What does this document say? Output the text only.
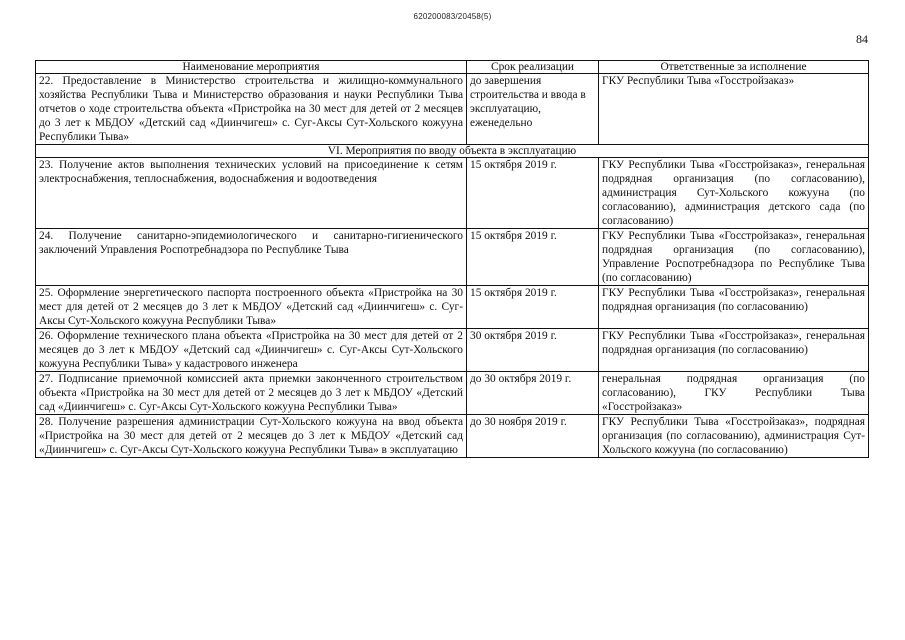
620200083/20458(5)
84
Наименование мероприятия	Срок реализации	Ответственные за исполнение
22. Предоставление в Министерство строительства и жилищно-коммунального хозяйства Республики Тыва и Министерство образования и науки Республики Тыва отчетов о ходе строительства объекта «Пристройка на 30 мест для детей от 2 месяцев до 3 лет к МБДОУ «Детский сад «Диинчигеш» с. Суг-Аксы Сут-Хольского кожууна Республики Тыва»	до завершения строительства и ввода в эксплуатацию, еженедельно	ГКУ Республики Тыва «Госстройзаказ»
VI. Мероприятия по вводу объекта в эксплуатацию		
23. Получение актов выполнения технических условий на присоединение к сетям электроснабжения, теплоснабжения, водоснабжения и водоотведения	15 октября 2019 г.	ГКУ Республики Тыва «Госстройзаказ», генеральная подрядная организация (по согласованию), администрация Сут-Хольского кожууна (по согласованию), администрация детского сада (по согласованию)
24. Получение санитарно-эпидемиологического и санитарно-гигиенического заключений Управления Роспотребнадзора по Республике Тыва	15 октября 2019 г.	ГКУ Республики Тыва «Госстройзаказ», генеральная подрядная организация (по согласованию), Управление Роспотребнадзора по Республике Тыва (по согласованию)
25. Оформление энергетического паспорта построенного объекта «Пристройка на 30 мест для детей от 2 месяцев до 3 лет к МБДОУ «Детский сад «Диинчигеш» с. Суг-Аксы Сут-Хольского кожууна Республики Тыва»	15 октября 2019 г.	ГКУ Республики Тыва «Госстройзаказ», генеральная подрядная организация (по согласованию)
26. Оформление технического плана объекта «Пристройка на 30 мест для детей от 2 месяцев до 3 лет к МБДОУ «Детский сад «Диинчигеш» с. Суг-Аксы Сут-Хольского кожууна Республики Тыва» у кадастрового инженера	30 октября 2019 г.	ГКУ Республики Тыва «Госстройзаказ», генеральная подрядная организация (по согласованию)
27. Подписание приемочной комиссией акта приемки законченного строительством объекта «Пристройка на 30 мест для детей от 2 месяцев до 3 лет к МБДОУ «Детский сад «Диинчигеш» с. Суг-Аксы Сут-Хольского кожууна Республики Тыва»	до 30 октября 2019 г.	генеральная подрядная организация (по согласованию), ГКУ Республики Тыва «Госстройзаказ»
28. Получение разрешения администрации Сут-Хольского кожууна на ввод объекта «Пристройка на 30 мест для детей от 2 месяцев до 3 лет к МБДОУ «Детский сад «Диинчигеш» с. Суг-Аксы Сут-Хольского кожууна Республики Тыва» в эксплуатацию	до 30 ноября 2019 г.	ГКУ Республики Тыва «Госстройзаказ», подрядная организация (по согласованию), администрация Сут-Хольского кожууна (по согласованию)
